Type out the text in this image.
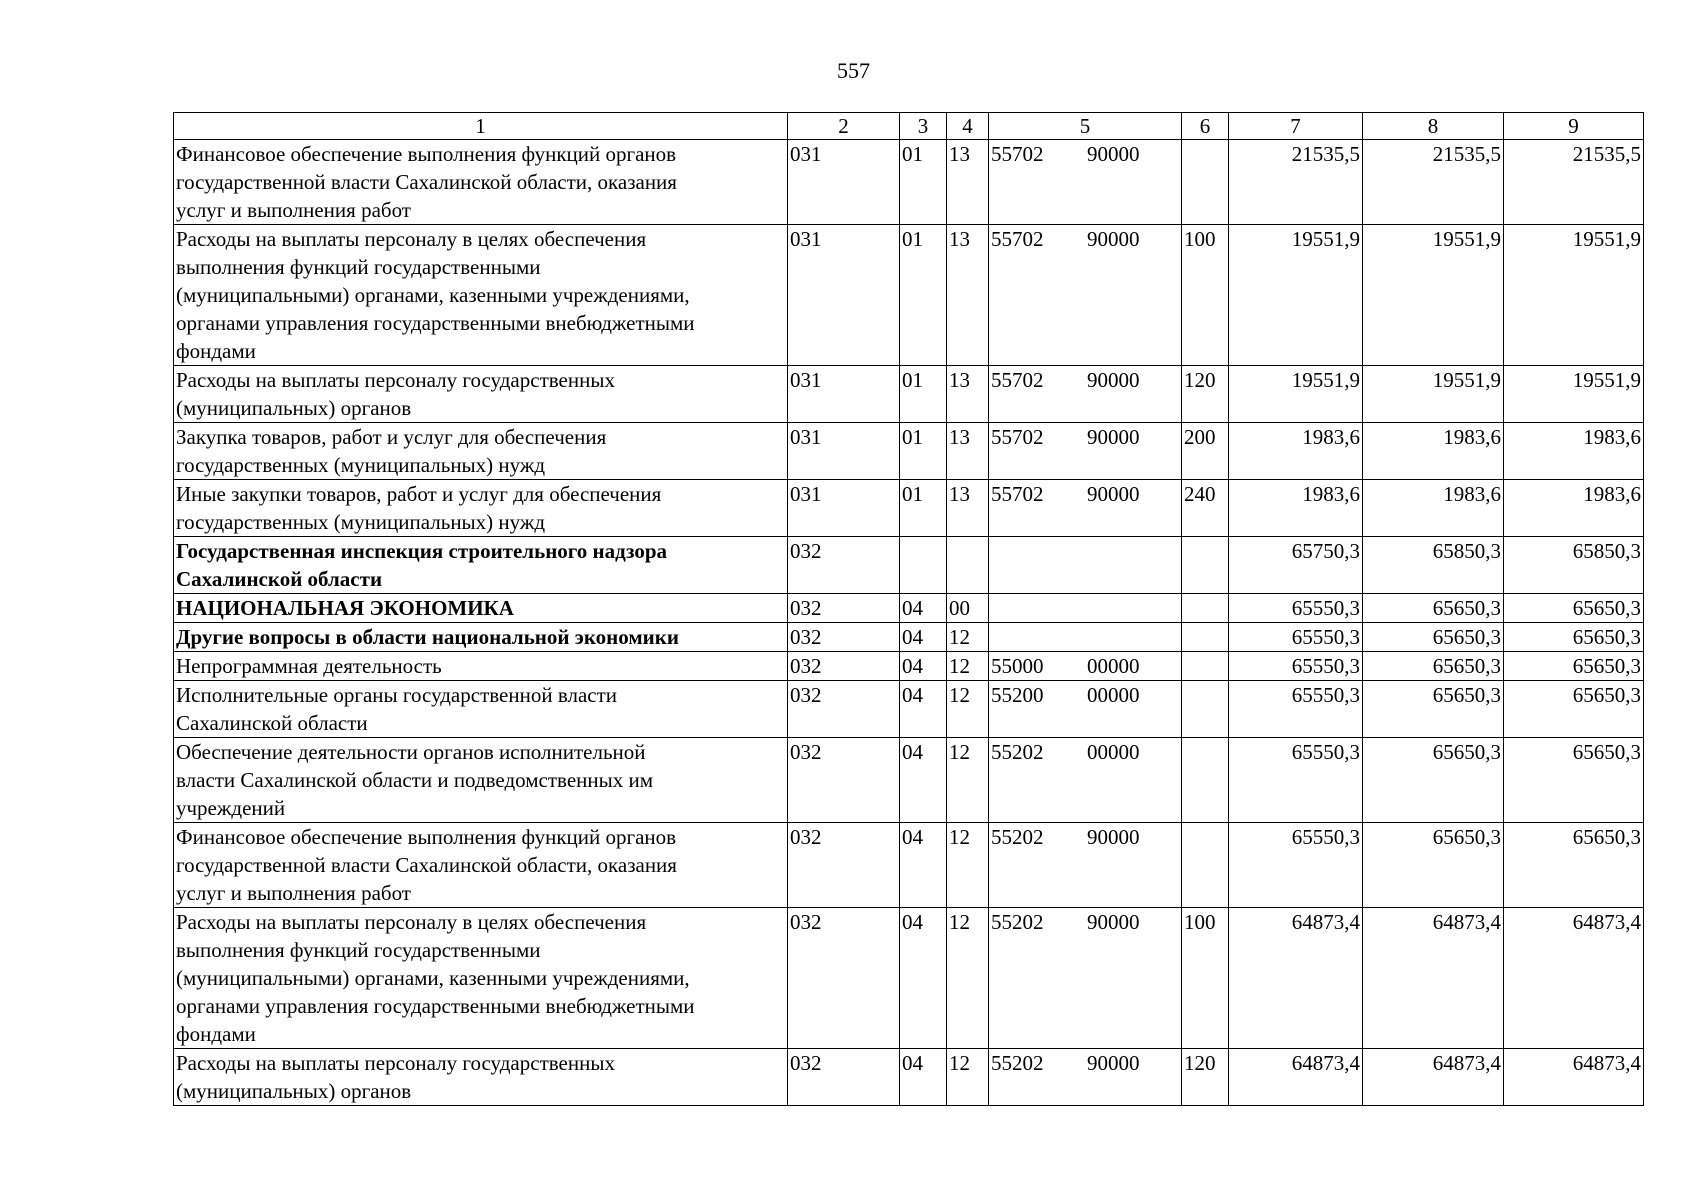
557
1	2	3	4	5	6	7	8	9
Финансовое обеспечение выполнения функций органов
государственной власти Сахалинской области, оказания
услуг и выполнения работ	031	01	13	55702 90000		21535,5	21535,5	21535,5
Расходы на выплаты персоналу в целях обеспечения
выполнения функций государственными
(муниципальными) органами, казенными учреждениями,
органами управления государственными внебюджетными
фондами	031	01	13	55702 90000	100	19551,9	19551,9	19551,9
Расходы на выплаты персоналу государственных
(муниципальных) органов	031	01	13	55702 90000	120	19551,9	19551,9	19551,9
Закупка товаров, работ и услуг для обеспечения
государственных (муниципальных) нужд	031	01	13	55702 90000	200	1983,6	1983,6	1983,6
Иные закупки товаров, работ и услуг для обеспечения
государственных (муниципальных) нужд	031	01	13	55702 90000	240	1983,6	1983,6	1983,6
Государственная инспекция строительного надзора
Сахалинской области	032					65750,3	65850,3	65850,3
НАЦИОНАЛЬНАЯ ЭКОНОМИКА	032	04	00			65550,3	65650,3	65650,3
Другие вопросы в области национальной экономики	032	04	12			65550,3	65650,3	65650,3
Непрограммная деятельность	032	04	12	55000 00000		65550,3	65650,3	65650,3
Исполнительные органы государственной власти
Сахалинской области	032	04	12	55200 00000		65550,3	65650,3	65650,3
Обеспечение деятельности органов исполнительной
власти Сахалинской области и подведомственных им
учреждений	032	04	12	55202 00000		65550,3	65650,3	65650,3
Финансовое обеспечение выполнения функций органов
государственной власти Сахалинской области, оказания
услуг и выполнения работ	032	04	12	55202 90000		65550,3	65650,3	65650,3
Расходы на выплаты персоналу в целях обеспечения
выполнения функций государственными
(муниципальными) органами, казенными учреждениями,
органами управления государственными внебюджетными
фондами	032	04	12	55202 90000	100	64873,4	64873,4	64873,4
Расходы на выплаты персоналу государственных
(муниципальных) органов	032	04	12	55202 90000	120	64873,4	64873,4	64873,4
